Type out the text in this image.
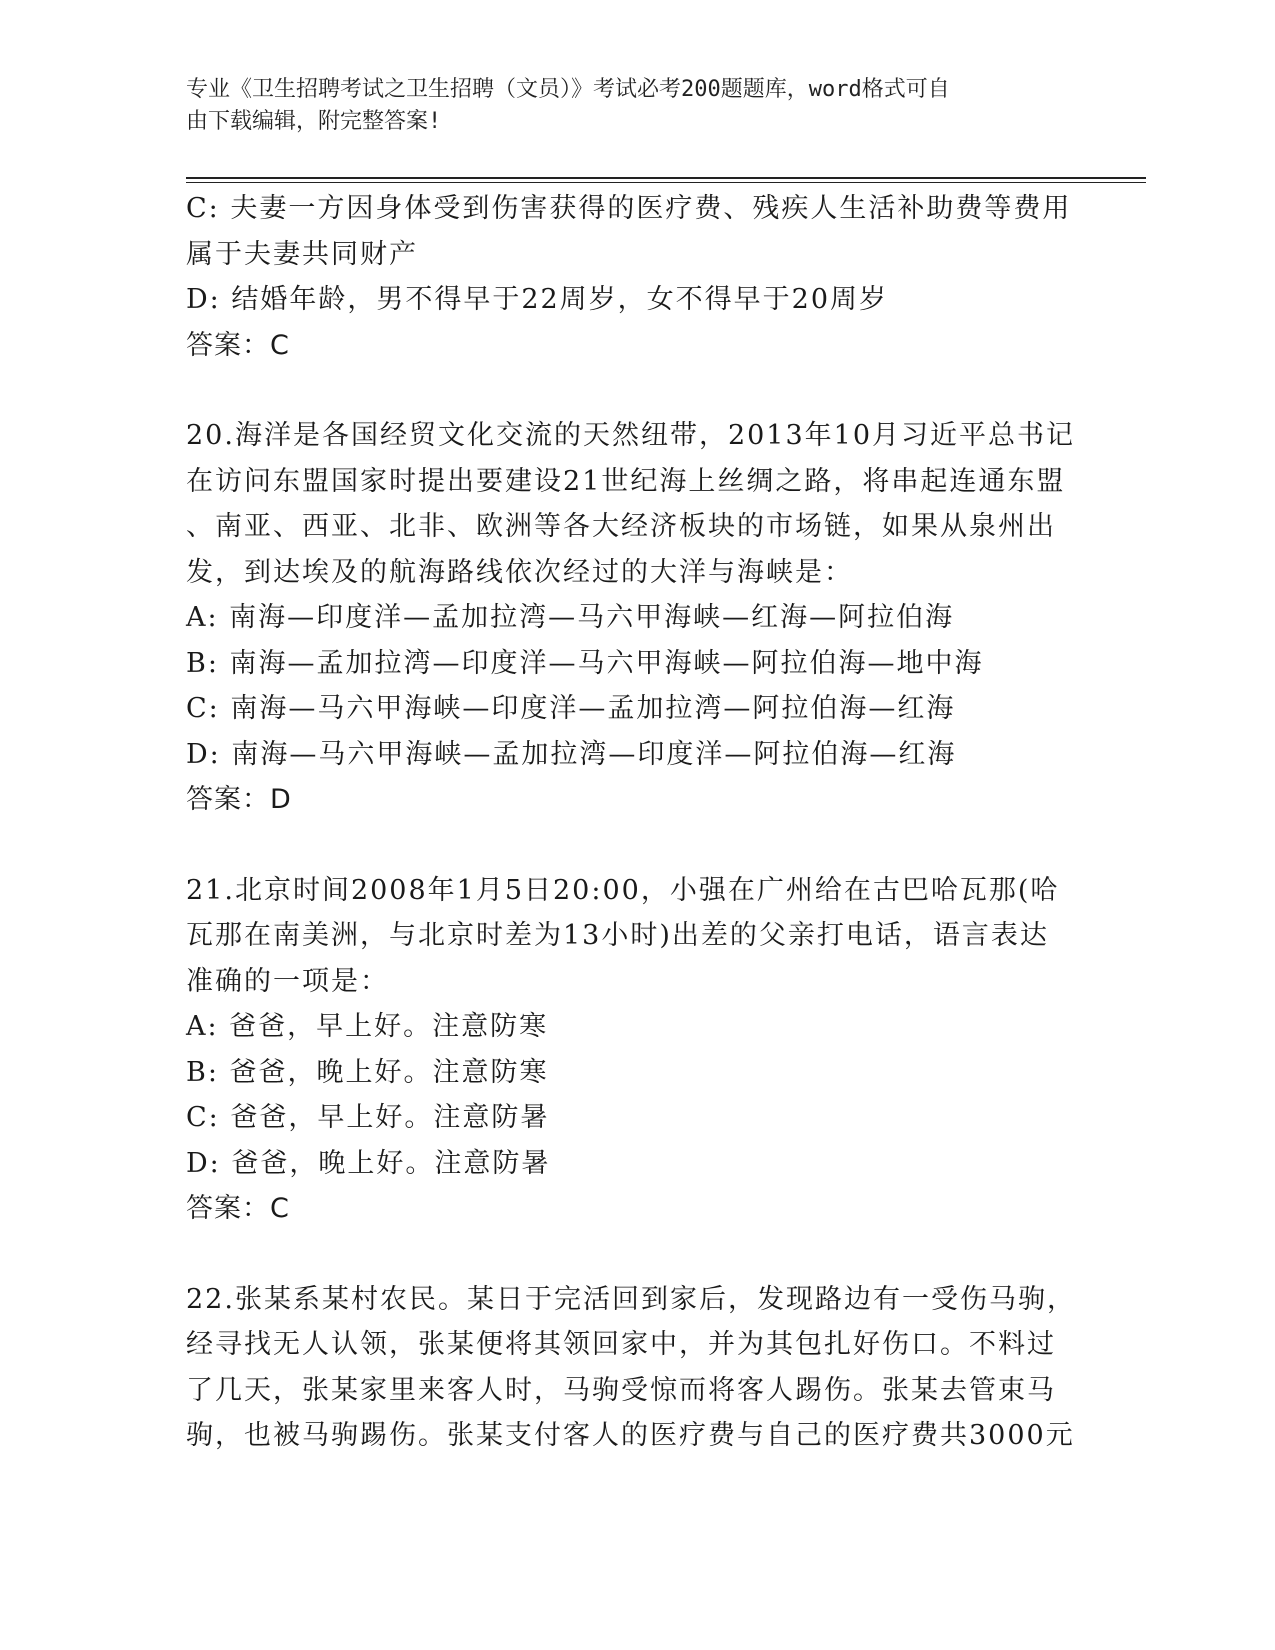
专业《卫生招聘考试之卫生招聘（文员）》考试必考200题题库，word格式可自
由下载编辑，附完整答案!
C: 夫妻一方因身体受到伤害获得的医疗费、残疾人生活补助费等费用
属于夫妻共同财产
D: 结婚年龄，男不得早于22周岁，女不得早于20周岁
答案：C
20.海洋是各国经贸文化交流的天然纽带，2013年10月习近平总书记
在访问东盟国家时提出要建设21世纪海上丝绸之路，将串起连通东盟
、南亚、西亚、北非、欧洲等各大经济板块的市场链，如果从泉州出
发，到达埃及的航海路线依次经过的大洋与海峡是：
A: 南海—印度洋—孟加拉湾—马六甲海峡—红海—阿拉伯海
B: 南海—孟加拉湾—印度洋—马六甲海峡—阿拉伯海—地中海
C: 南海—马六甲海峡—印度洋—孟加拉湾—阿拉伯海—红海
D: 南海—马六甲海峡—孟加拉湾—印度洋—阿拉伯海—红海
答案：D
21.北京时间2008年1月5日20:00，小强在广州给在古巴哈瓦那(哈
瓦那在南美洲，与北京时差为13小时)出差的父亲打电话，语言表达
准确的一项是：
A: 爸爸，早上好。注意防寒
B: 爸爸，晚上好。注意防寒
C: 爸爸，早上好。注意防暑
D: 爸爸，晚上好。注意防暑
答案：C
22.张某系某村农民。某日于完活回到家后，发现路边有一受伤马驹，
经寻找无人认领，张某便将其领回家中，并为其包扎好伤口。不料过
了几天，张某家里来客人时，马驹受惊而将客人踢伤。张某去管束马
驹，也被马驹踢伤。张某支付客人的医疗费与自己的医疗费共3000元
